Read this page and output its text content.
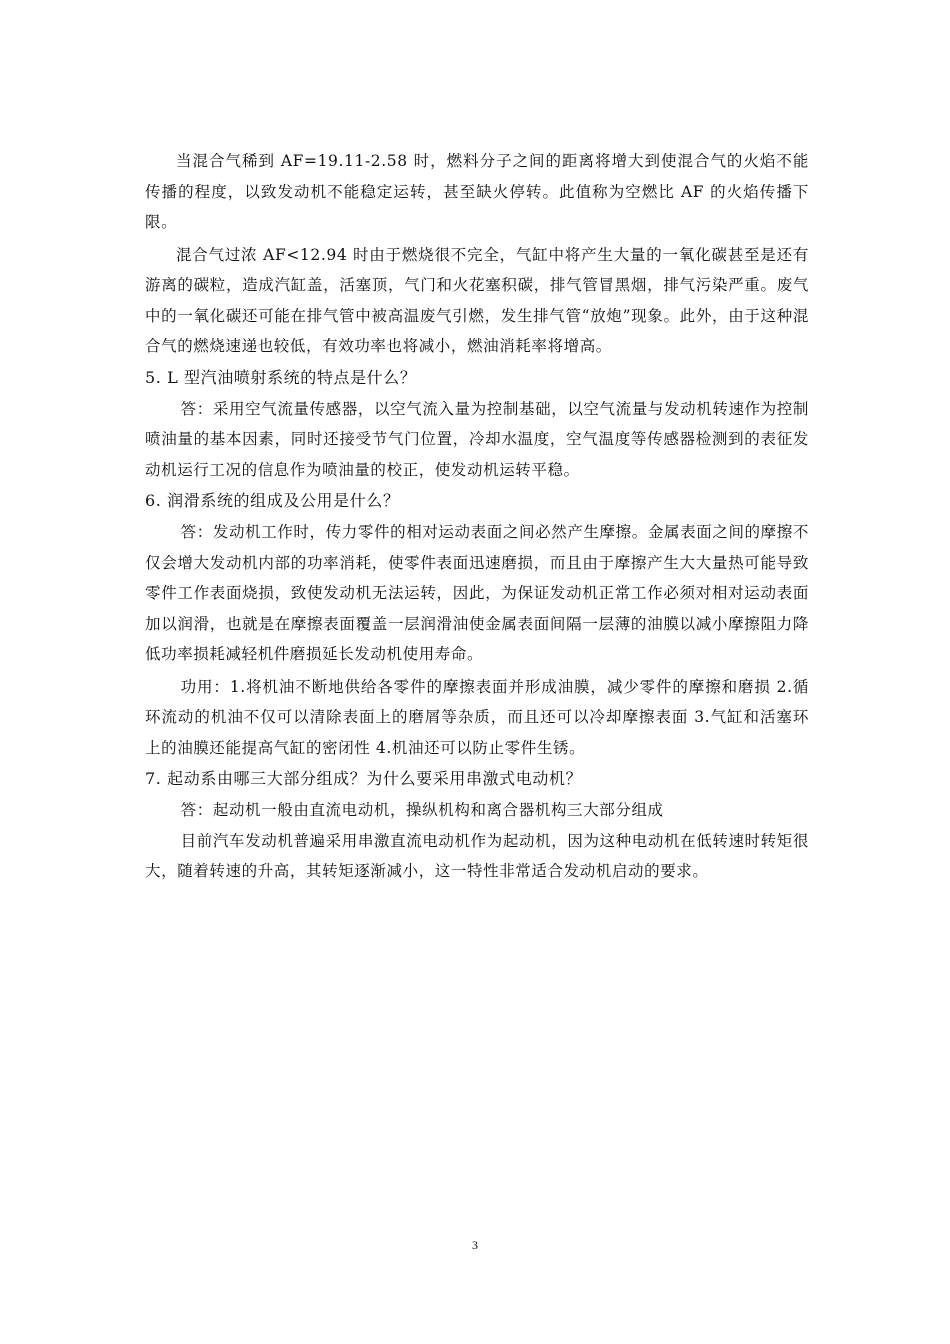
当混合气稀到 AF=19.11-2.58 时，燃料分子之间的距离将增大到使混合气的火焰不能传播的程度，以致发动机不能稳定运转，甚至缺火停转。此值称为空燃比 AF 的火焰传播下限。

混合气过浓 AF<12.94 时由于燃烧很不完全，气缸中将产生大量的一氧化碳甚至是还有游离的碳粒，造成汽缸盖，活塞顶，气门和火花塞积碳，排气管冒黑烟，排气污染严重。废气中的一氧化碳还可能在排气管中被高温废气引燃，发生排气管“放炮”现象。此外，由于这种混合气的燃烧速递也较低，有效功率也将减小，燃油消耗率将增高。

5. L 型汽油喷射系统的特点是什么？

答：采用空气流量传感器，以空气流入量为控制基础，以空气流量与发动机转速作为控制喷油量的基本因素，同时还接受节气门位置，冷却水温度，空气温度等传感器检测到的表征发动机运行工况的信息作为喷油量的校正，使发动机运转平稳。

6. 润滑系统的组成及公用是什么？

答：发动机工作时，传力零件的相对运动表面之间必然产生摩擦。金属表面之间的摩擦不仅会增大发动机内部的功率消耗，使零件表面迅速磨损，而且由于摩擦产生大大量热可能导致零件工作表面烧损，致使发动机无法运转，因此，为保证发动机正常工作必须对相对运动表面加以润滑，也就是在摩擦表面覆盖一层润滑油使金属表面间隔一层薄的油膜以减小摩擦阻力降低功率损耗减轻机件磨损延长发动机使用寿命。

功用：1.将机油不断地供给各零件的摩擦表面并形成油膜，减少零件的摩擦和磨损 2.循环流动的机油不仅可以清除表面上的磨屑等杂质，而且还可以冷却摩擦表面 3.气缸和活塞环上的油膜还能提高气缸的密闭性 4.机油还可以防止零件生锈。

7. 起动系由哪三大部分组成？为什么要采用串激式电动机？

答：起动机一般由直流电动机，操纵机构和离合器机构三大部分组成

目前汽车发动机普遍采用串激直流电动机作为起动机，因为这种电动机在低转速时转矩很大，随着转速的升高，其转矩逐渐减小，这一特性非常适合发动机启动的要求。

3
